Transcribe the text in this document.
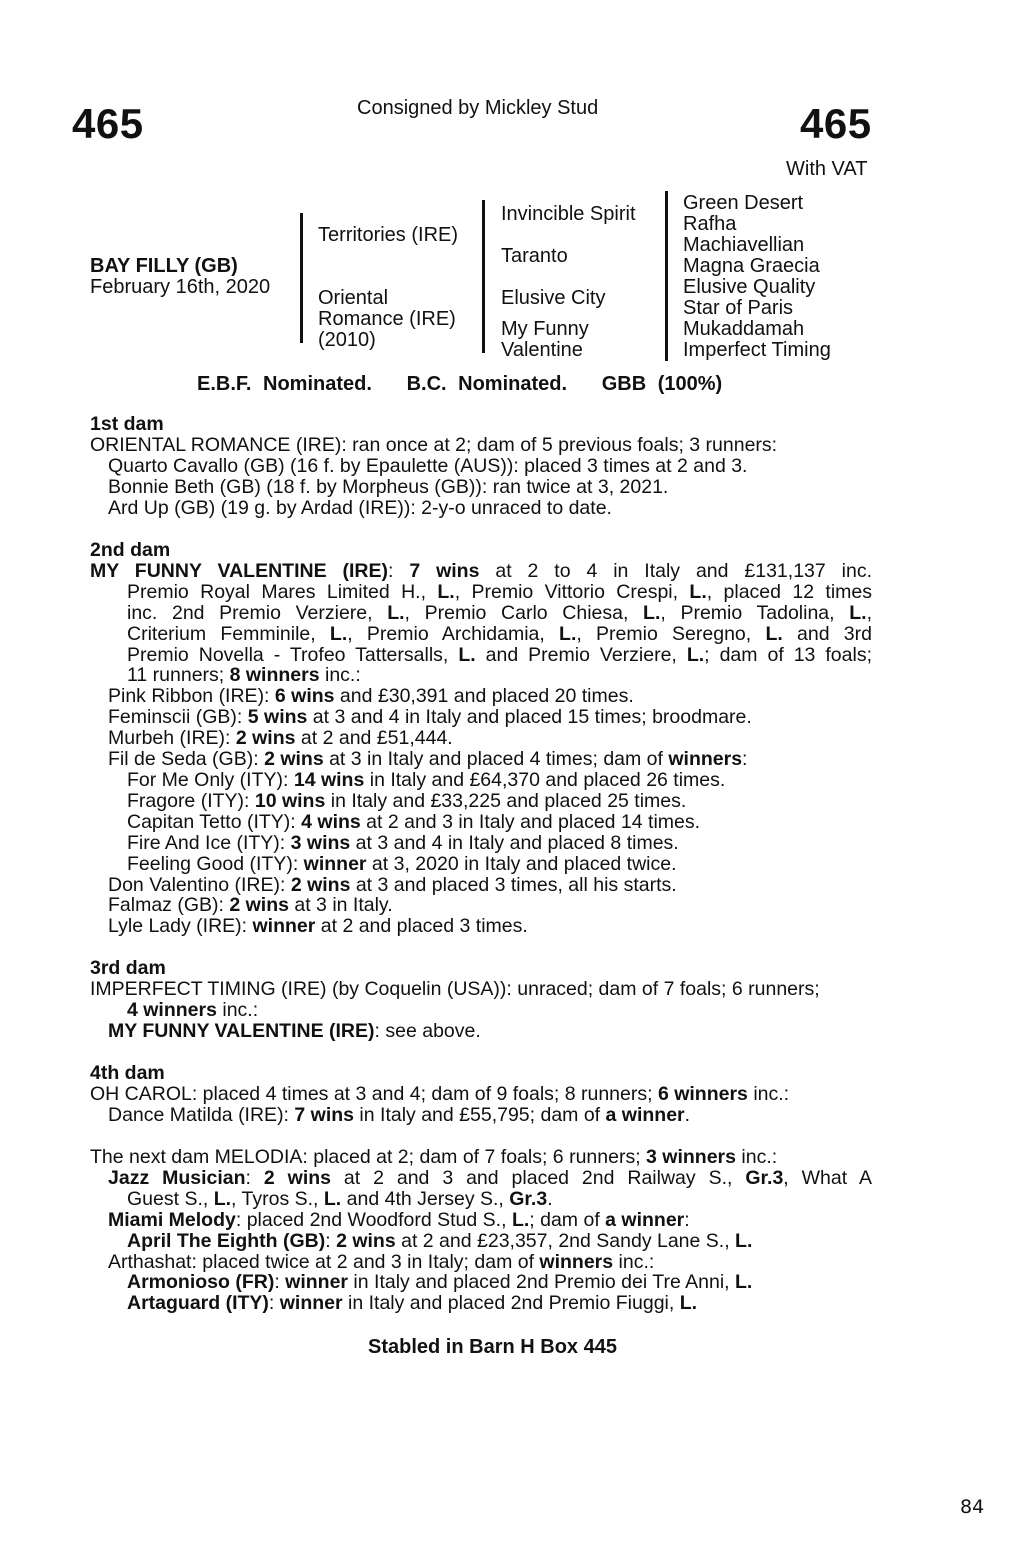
465	Consigned by Mickley Stud	465
With VAT
BAY FILLY (GB)
February 16th, 2020
Territories (IRE)
Oriental
Romance (IRE)
(2010)
Invincible Spirit
Taranto
Elusive City
My Funny
Valentine
Green Desert
Rafha
Machiavellian
Magna Graecia
Elusive Quality
Star of Paris
Mukaddamah
Imperfect Timing
E.B.F. Nominated.   B.C. Nominated.   GBB (100%)
1st dam
ORIENTAL ROMANCE (IRE): ran once at 2; dam of 5 previous foals; 3 runners:
Quarto Cavallo (GB) (16 f. by Epaulette (AUS)): placed 3 times at 2 and 3.
Bonnie Beth (GB) (18 f. by Morpheus (GB)): ran twice at 3, 2021.
Ard Up (GB) (19 g. by Ardad (IRE)): 2-y-o unraced to date.
2nd dam
MY FUNNY VALENTINE (IRE): 7 wins at 2 to 4 in Italy and £131,137 inc.
Premio Royal Mares Limited H., L., Premio Vittorio Crespi, L., placed 12 times
inc. 2nd Premio Verziere, L., Premio Carlo Chiesa, L., Premio Tadolina, L.,
Criterium Femminile, L., Premio Archidamia, L., Premio Seregno, L. and 3rd
Premio Novella - Trofeo Tattersalls, L. and Premio Verziere, L.; dam of 13 foals;
11 runners; 8 winners inc.:
Pink Ribbon (IRE): 6 wins and £30,391 and placed 20 times.
Feminscii (GB): 5 wins at 3 and 4 in Italy and placed 15 times; broodmare.
Murbeh (IRE): 2 wins at 2 and £51,444.
Fil de Seda (GB): 2 wins at 3 in Italy and placed 4 times; dam of winners:
For Me Only (ITY): 14 wins in Italy and £64,370 and placed 26 times.
Fragore (ITY): 10 wins in Italy and £33,225 and placed 25 times.
Capitan Tetto (ITY): 4 wins at 2 and 3 in Italy and placed 14 times.
Fire And Ice (ITY): 3 wins at 3 and 4 in Italy and placed 8 times.
Feeling Good (ITY): winner at 3, 2020 in Italy and placed twice.
Don Valentino (IRE): 2 wins at 3 and placed 3 times, all his starts.
Falmaz (GB): 2 wins at 3 in Italy.
Lyle Lady (IRE): winner at 2 and placed 3 times.
3rd dam
IMPERFECT TIMING (IRE) (by Coquelin (USA)): unraced; dam of 7 foals; 6 runners;
4 winners inc.:
MY FUNNY VALENTINE (IRE): see above.
4th dam
OH CAROL: placed 4 times at 3 and 4; dam of 9 foals; 8 runners; 6 winners inc.:
Dance Matilda (IRE): 7 wins in Italy and £55,795; dam of a winner.
The next dam MELODIA: placed at 2; dam of 7 foals; 6 runners; 3 winners inc.:
Jazz Musician: 2 wins at 2 and 3 and placed 2nd Railway S., Gr.3, What A
Guest S., L., Tyros S., L. and 4th Jersey S., Gr.3.
Miami Melody: placed 2nd Woodford Stud S., L.; dam of a winner:
April The Eighth (GB): 2 wins at 2 and £23,357, 2nd Sandy Lane S., L.
Arthashat: placed twice at 2 and 3 in Italy; dam of winners inc.:
Armonioso (FR): winner in Italy and placed 2nd Premio dei Tre Anni, L.
Artaguard (ITY): winner in Italy and placed 2nd Premio Fiuggi, L.
Stabled in Barn H Box 445
84
